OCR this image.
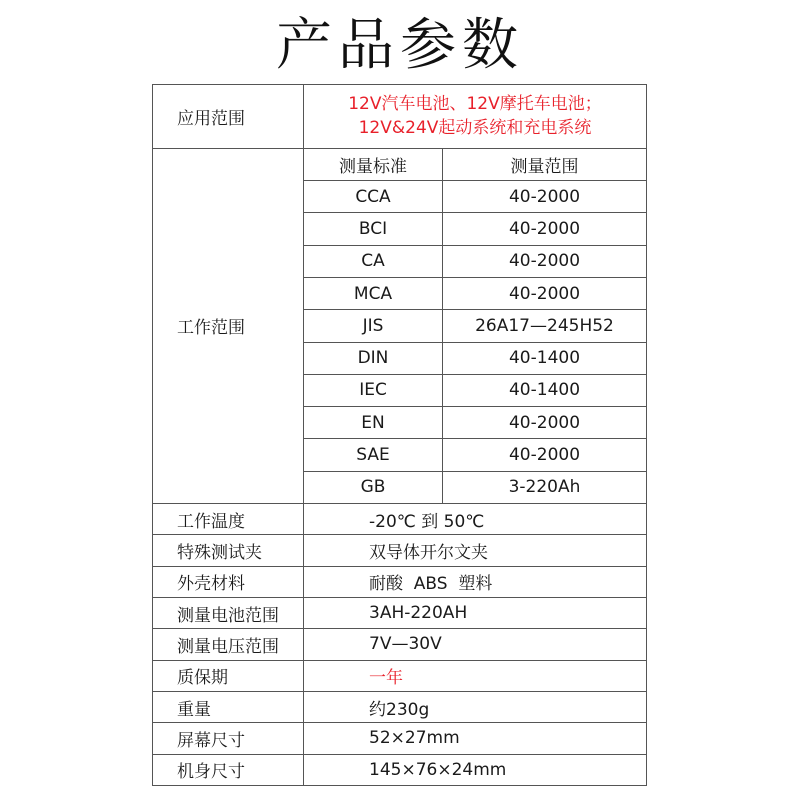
产品参数
应用范围	12V汽车电池、12V摩托车电池；
12V&24V起动系统和充电系统	

工作范围	测量标准	测量范围
	CCA	40-2000
	BCI	40-2000
	CA	40-2000
	MCA	40-2000
	JIS	26A17—245H52
	DIN	40-1400
	IEC	40-1400
	EN	40-2000
	SAE	40-2000
	GB	3-220Ah
工作温度	-20℃ 到 50℃	
特殊测试夹	双导体开尔文夹	
外壳材料	耐酸  ABS  塑料	
测量电池范围	3AH-220AH	
测量电压范围	7V—30V	
质保期	一年	
重量	约230g	
屏幕尺寸	52×27mm	
机身尺寸	145×76×24mm	
